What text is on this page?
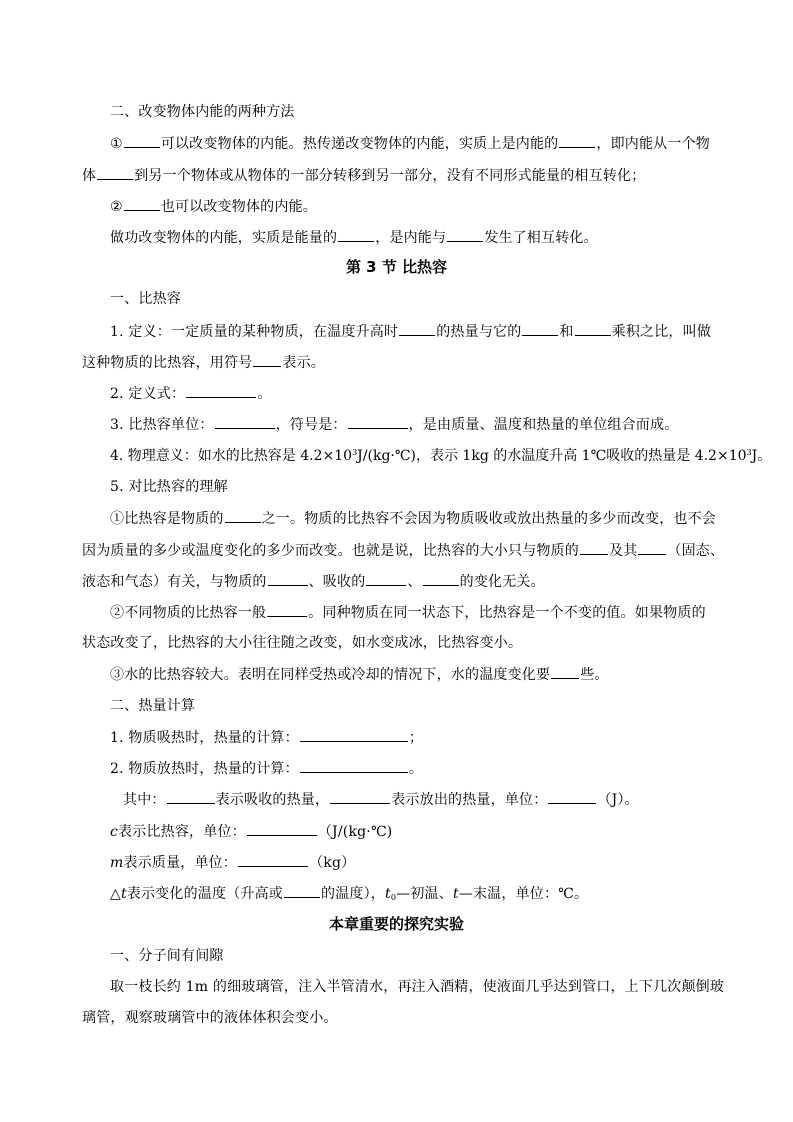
二、改变物体内能的两种方法
①	可以改变物体的内能。热传递改变物体的内能，实质上是内能的	，即内能从一个物
体	到另一个物体或从物体的一部分转移到另一部分，没有不同形式能量的相互转化；
②	也可以改变物体的内能。
做功改变物体的内能，实质是能量的	，是内能与	发生了相互转化。
第 3 节 比热容
一、比热容
1. 定义：一定质量的某种物质，在温度升高时	的热量与它的	和	乘积之比，叫做
这种物质的比热容，用符号 表示。
2. 定义式：	。
3. 比热容单位：	，符号是：	，是由质量、温度和热量的单位组合而成。
4. 物理意义：如水的比热容是 $4.2\times 10^3J/(kg\cdot℃)$，表示 1kg 的水温度升高 1℃吸收的热量是 $4.2\times 10^3J$。
5. 对比热容的理解
①比热容是物质的	之一。物质的比热容不会因为物质吸收或放出热量的多少而改变，也不会
因为质量的多少或温度变化的多少而改变。也就是说，比热容的大小只与物质的 及其 （固态、
液态和气态）有关，与物质的	、吸收的	、	的变化无关。
②不同物质的比热容一般	。同种物质在同一状态下，比热容是一个不变的值。如果物质的
状态改变了，比热容的大小往往随之改变，如水变成冰，比热容变小。
③水的比热容较大。表明在同样受热或冷却的情况下，水的温度变化要 些。
二、热量计算
1. 物质吸热时，热量的计算：	；
2. 物质放热时，热量的计算：	。
其中：	表示吸收的热量，	表示放出的热量，单位：	（J）。
c表示比热容，单位：	（J/(kg·℃)
m表示质量，单位：	（kg）
△t表示变化的温度（升高或	的温度），$t_0—$初温、t—末温，单位：℃。
本章重要的探究实验
一、分子间有间隙
取一枝长约 1m 的细玻璃管，注入半管清水，再注入酒精，使液面几乎达到管口，上下几次颠倒玻
璃管，观察玻璃管中的液体体积会变小。
